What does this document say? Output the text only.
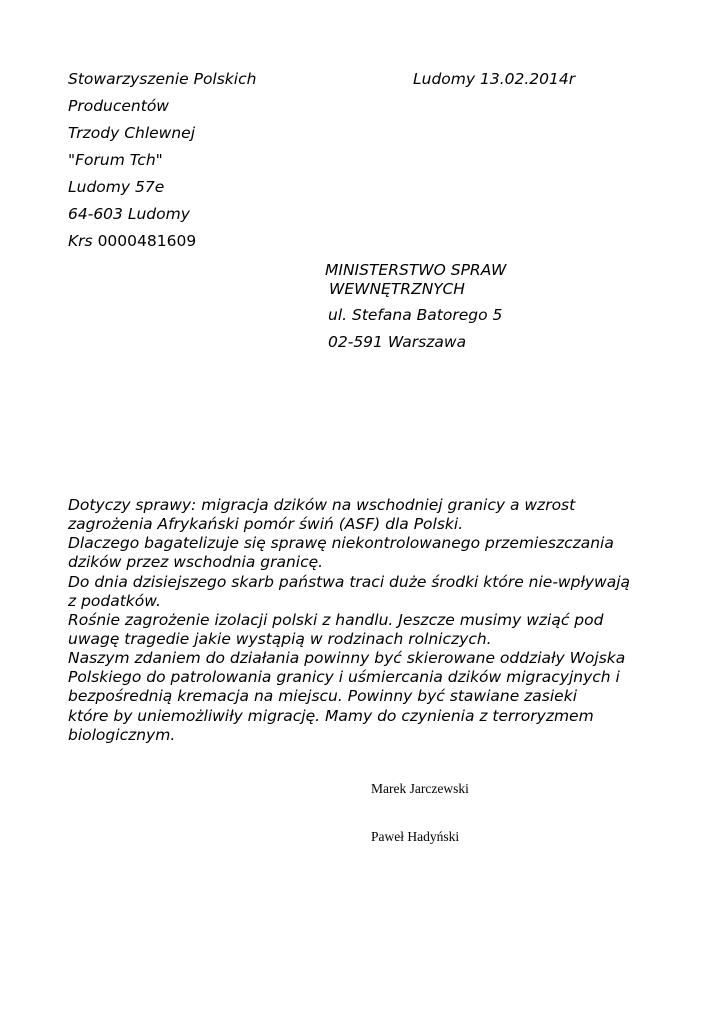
Stowarzyszenie Polskich
Producentów
Trzody Chlewnej
"Forum Tch"
Ludomy 57e
64-603 Ludomy
Krs 0000481609
Ludomy 13.02.2014r
MINISTERSTWO SPRAW
WEWNĘTRZNYCH
ul. Stefana Batorego 5
02-591 Warszawa
Dotyczy sprawy: migracja dzików na wschodniej granicy a wzrost
zagrożenia Afrykański pomór świń (ASF) dla Polski.
Dlaczego bagatelizuje się sprawę niekontrolowanego przemieszczania
dzików przez wschodnia granicę.
Do dnia dzisiejszego skarb państwa traci duże środki które nie-wpływają
z podatków.
Rośnie zagrożenie izolacji polski z handlu. Jeszcze musimy wziąć pod
uwagę tragedie jakie wystąpią w rodzinach rolniczych.
Naszym zdaniem do działania powinny być skierowane oddziały Wojska
Polskiego do patrolowania granicy i uśmiercania dzików migracyjnych i
bezpośrednią kremacja na miejscu. Powinny być stawiane zasieki
które by uniemożliwiły migrację. Mamy do czynienia z terroryzmem
biologicznym.
Marek Jarczewski
Paweł Hadyński
